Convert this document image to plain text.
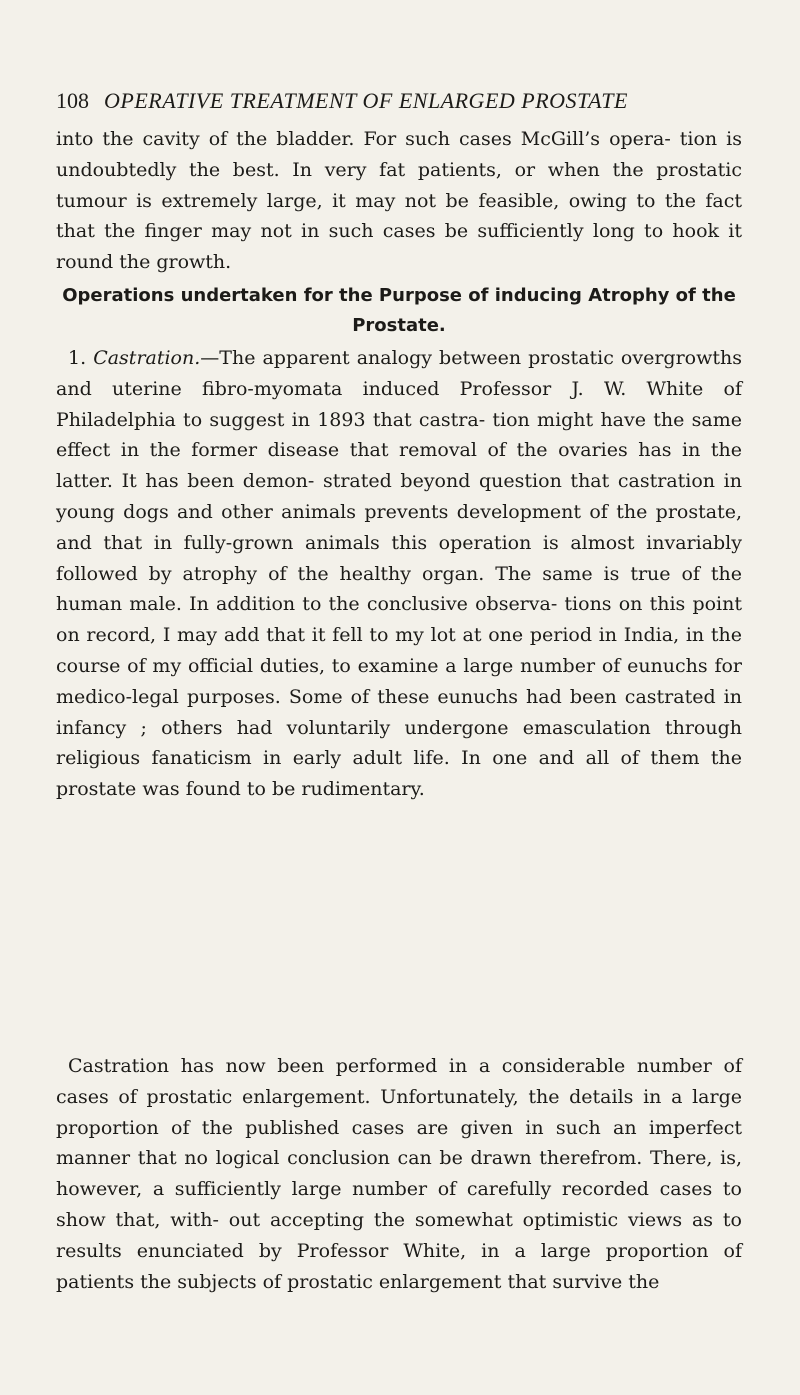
108 OPERATIVE TREATMENT OF ENLARGED PROSTATE

into the cavity of the bladder. For such cases McGill’s opera- tion is undoubtedly the best. In very fat patients, or when the prostatic tumour is extremely large, it may not be feasible, owing to the fact that the finger may not in such cases be sufficiently long to hook it round the growth.

Operations undertaken for the Purpose of inducing Atrophy of the Prostate.

1. Castration.—The apparent analogy between prostatic overgrowths and uterine fibro-myomata induced Professor J. W. White of Philadelphia to suggest in 1893 that castra- tion might have the same effect in the former disease that removal of the ovaries has in the latter. It has been demon- strated beyond question that castration in young dogs and other animals prevents development of the prostate, and that in fully-grown animals this operation is almost invariably followed by atrophy of the healthy organ. The same is true of the human male. In addition to the conclusive observa- tions on this point on record, I may add that it fell to my lot at one period in India, in the course of my official duties, to examine a large number of eunuchs for medico-legal purposes. Some of these eunuchs had been castrated in infancy ; others had voluntarily undergone emasculation through religious fanaticism in early adult life. In one and all of them the prostate was found to be rudimentary.

Castration has now been performed in a considerable number of cases of prostatic enlargement. Unfortunately, the details in a large proportion of the published cases are given in such an imperfect manner that no logical conclusion can be drawn therefrom. There, is, however, a sufficiently large number of carefully recorded cases to show that, with- out accepting the somewhat optimistic views as to results enunciated by Professor White, in a large proportion of patients the subjects of prostatic enlargement that survive the
